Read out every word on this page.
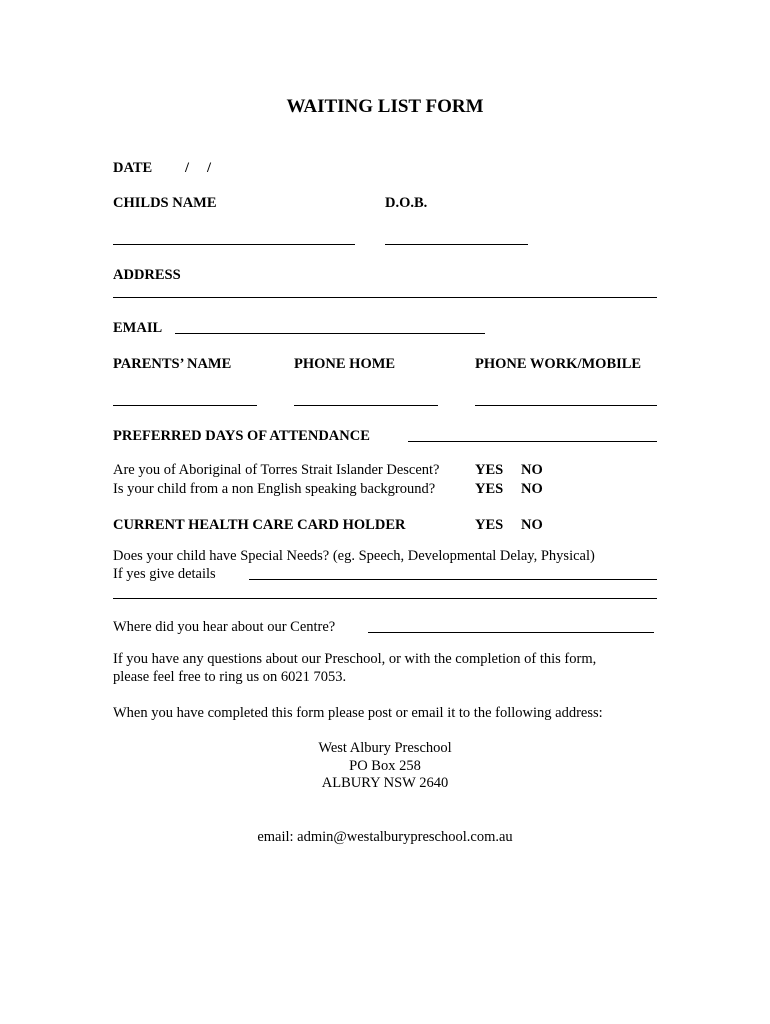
WAITING LIST FORM
DATE / /
CHILDS NAME	D.O.B.
ADDRESS
EMAIL
PARENTS’ NAME	PHONE HOME	PHONE WORK/MOBILE
PREFERRED DAYS OF ATTENDANCE
Are you of Aboriginal of Torres Strait Islander Descent? YES NO
Is your child from a non English speaking background?	YES NO
CURRENT HEALTH CARE CARD HOLDER	YES NO
Does your child have Special Needs? (eg. Speech, Developmental Delay, Physical)
If yes give details
Where did you hear about our Centre?
If you have any questions about our Preschool, or with the completion of this form,
please feel free to ring us on 6021 7053.
When you have completed this form please post or email it to the following address:
West Albury Preschool
PO Box 258
ALBURY NSW 2640
email: admin@westalburypreschool.com.au
